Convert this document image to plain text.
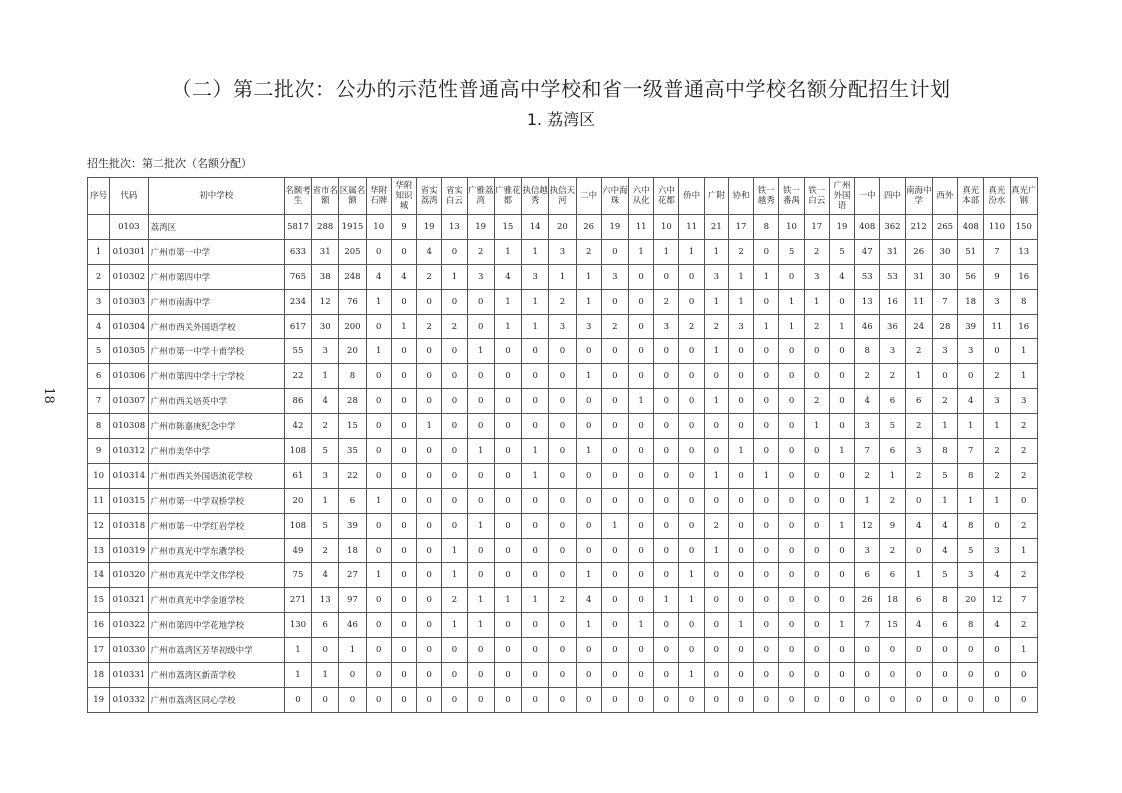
（二）第二批次：公办的示范性普通高中学校和省一级普通高中学校名额分配招生计划
1. 荔湾区
招生批次：第二批次（名额分配）
18
序号	代码	初中学校	名额考生	省市名额	区属名额	华附石牌	华附知识城	省实荔湾	省实白云	广雅荔湾	广雅花都	执信越秀	执信天河	二中	六中海珠	六中从化	六中花都	侨中	广附	协和	铁一越秀	铁一番禺	铁一白云	广州外国语	一中	四中	南海中学	西外	真光本部	真光汾水	真光广钢
	0103	荔湾区	5817	288	1915	10	9	19	13	19	15	14	20	26	19	11	10	11	21	17	8	10	17	19	408	362	212	265	408	110	150
1	010301	广州市第一中学	633	31	205	0	0	4	0	2	1	1	3	2	0	1	1	1	1	2	0	5	2	5	47	31	26	30	51	7	13
2	010302	广州市第四中学	765	38	248	4	4	2	1	3	4	3	1	1	3	0	0	0	3	1	1	0	3	4	53	53	31	30	56	9	16
3	010303	广州市南海中学	234	12	76	1	0	0	0	0	1	1	2	1	0	0	2	0	1	1	0	1	1	0	13	16	11	7	18	3	8
4	010304	广州市西关外国语学校	617	30	200	0	1	2	2	0	1	1	3	3	2	0	3	2	2	3	1	1	2	1	46	36	24	28	39	11	16
5	010305	广州市第一中学十甫学校	55	3	20	1	0	0	0	1	0	0	0	0	0	0	0	0	1	0	0	0	0	0	8	3	2	3	3	0	1
6	010306	广州市第四中学十宁学校	22	1	8	0	0	0	0	0	0	0	0	1	0	0	0	0	0	0	0	0	0	0	2	2	1	0	0	2	1
7	010307	广州市西关培英中学	86	4	28	0	0	0	0	0	0	0	0	0	0	1	0	0	1	0	0	0	2	0	4	6	6	2	4	3	3
8	010308	广州市陈嘉庚纪念中学	42	2	15	0	0	1	0	0	0	0	0	0	0	0	0	0	0	0	0	0	1	0	3	5	2	1	1	1	2
9	010312	广州市美华中学	108	5	35	0	0	0	0	1	0	1	0	1	0	0	0	0	0	1	0	0	0	1	7	6	3	8	7	2	2
10	010314	广州市西关外国语流花学校	61	3	22	0	0	0	0	0	0	1	0	0	0	0	0	0	1	0	1	0	0	0	2	1	2	5	8	2	2
11	010315	广州市第一中学双桥学校	20	1	6	1	0	0	0	0	0	0	0	0	0	0	0	0	0	0	0	0	0	0	1	2	0	1	1	1	0
12	010318	广州市第一中学红岩学校	108	5	39	0	0	0	0	1	0	0	0	0	1	0	0	0	2	0	0	0	0	1	12	9	4	4	8	0	2
13	010319	广州市真光中学东漖学校	49	2	18	0	0	0	1	0	0	0	0	0	0	0	0	0	1	0	0	0	0	0	3	2	0	4	5	3	1
14	010320	广州市真光中学文伟学校	75	4	27	1	0	0	1	0	0	0	0	1	0	0	0	1	0	0	0	0	0	0	6	6	1	5	3	4	2
15	010321	广州市真光中学金道学校	271	13	97	0	0	0	2	1	1	1	2	4	0	0	1	1	0	0	0	0	0	0	26	18	6	8	20	12	7
16	010322	广州市第四中学花地学校	130	6	46	0	0	0	1	1	0	0	0	1	0	1	0	0	0	1	0	0	0	1	7	15	4	6	8	4	2
17	010330	广州市荔湾区芳华初级中学	1	0	1	0	0	0	0	0	0	0	0	0	0	0	0	0	0	0	0	0	0	0	0	0	0	0	0	0	1
18	010331	广州市荔湾区新苗学校	1	1	0	0	0	0	0	0	0	0	0	0	0	0	0	1	0	0	0	0	0	0	0	0	0	0	0	0	0
19	010332	广州市荔湾区同心学校	0	0	0	0	0	0	0	0	0	0	0	0	0	0	0	0	0	0	0	0	0	0	0	0	0	0	0	0	0
